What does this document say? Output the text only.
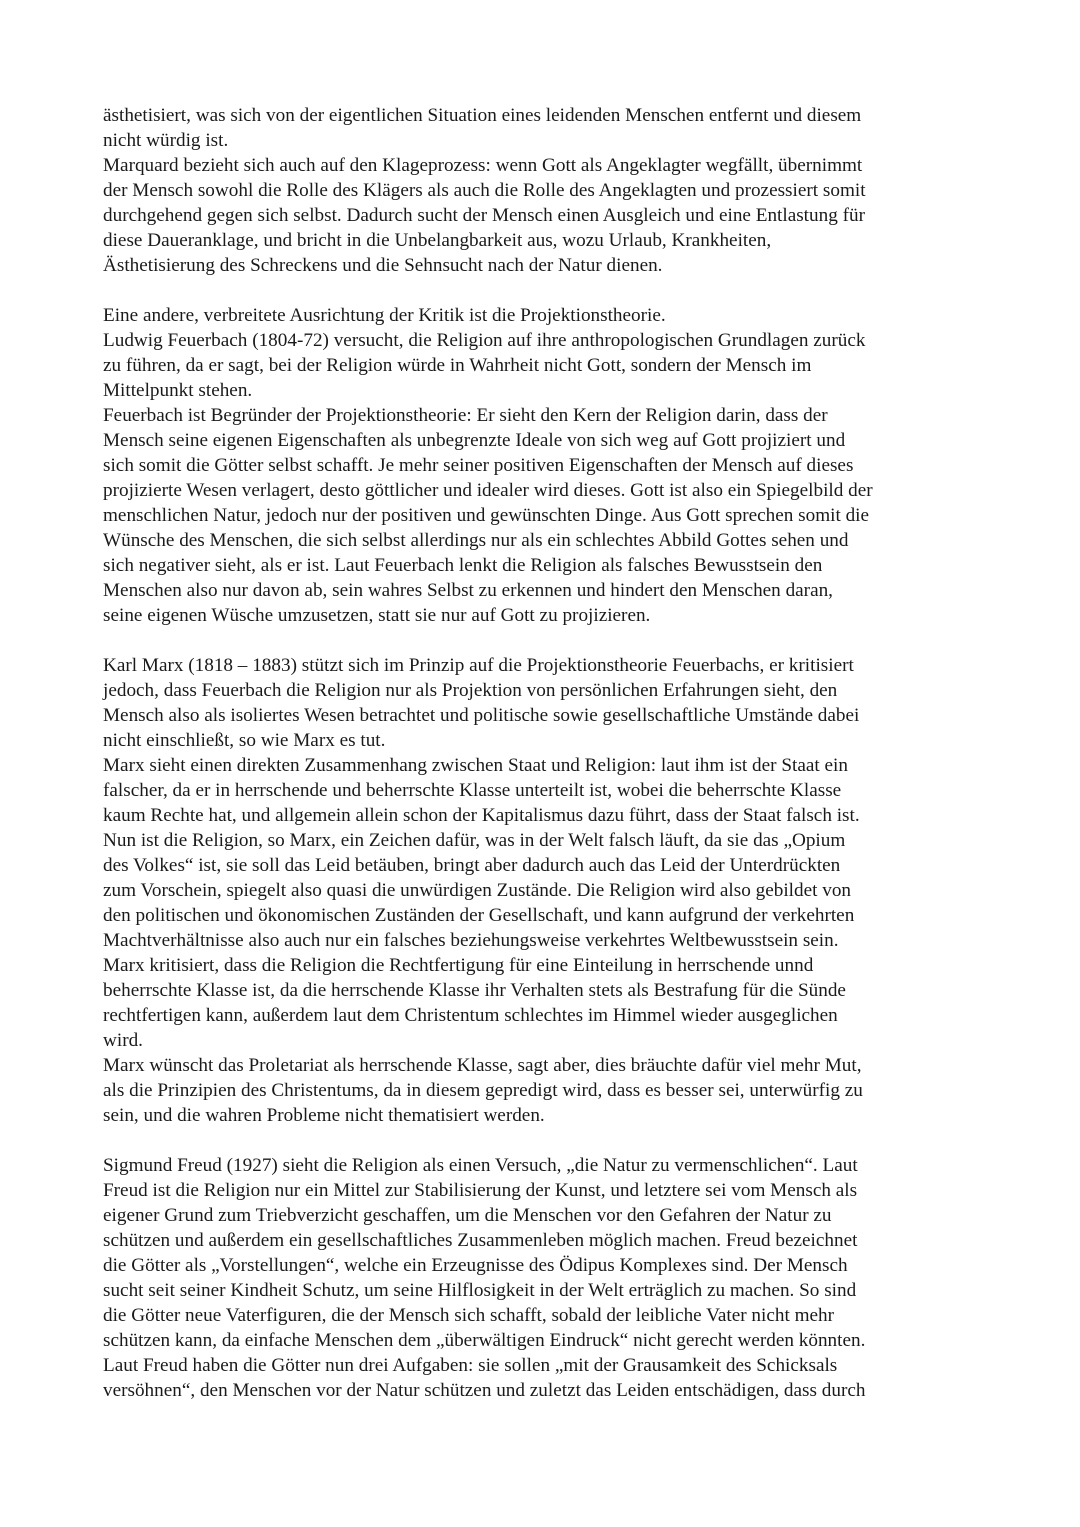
ästhetisiert, was sich von der eigentlichen Situation eines leidenden Menschen entfernt und diesem
nicht würdig ist.
Marquard bezieht sich auch auf den Klageprozess: wenn Gott als Angeklagter wegfällt, übernimmt
der Mensch sowohl die Rolle des Klägers als auch die Rolle des Angeklagten und prozessiert somit
durchgehend gegen sich selbst. Dadurch sucht der Mensch einen Ausgleich und eine Entlastung für
diese Daueranklage, und bricht in die Unbelangbarkeit aus, wozu Urlaub, Krankheiten,
Ästhetisierung des Schreckens und die Sehnsucht nach der Natur dienen.
Eine andere, verbreitete Ausrichtung der Kritik ist die Projektionstheorie.
Ludwig Feuerbach (1804-72) versucht, die Religion auf ihre anthropologischen Grundlagen zurück
zu führen, da er sagt, bei der Religion würde in Wahrheit nicht Gott, sondern der Mensch im
Mittelpunkt stehen.
Feuerbach ist Begründer der Projektionstheorie: Er sieht den Kern der Religion darin, dass der
Mensch seine eigenen Eigenschaften als unbegrenzte Ideale von sich weg auf Gott projiziert und
sich somit die Götter selbst schafft. Je mehr seiner positiven Eigenschaften der Mensch auf dieses
projizierte Wesen verlagert, desto göttlicher und idealer wird dieses. Gott ist also ein Spiegelbild der
menschlichen Natur, jedoch nur der positiven und gewünschten Dinge. Aus Gott sprechen somit die
Wünsche des Menschen, die sich selbst allerdings nur als ein schlechtes Abbild Gottes sehen und
sich negativer sieht, als er ist. Laut Feuerbach lenkt die Religion als falsches Bewusstsein den
Menschen also nur davon ab, sein wahres Selbst zu erkennen und hindert den Menschen daran,
seine eigenen Wüsche umzusetzen, statt sie nur auf Gott zu projizieren.
Karl Marx (1818 – 1883) stützt sich im Prinzip auf die Projektionstheorie Feuerbachs, er kritisiert
jedoch, dass Feuerbach die Religion nur als Projektion von persönlichen Erfahrungen sieht, den
Mensch also als isoliertes Wesen betrachtet und politische sowie gesellschaftliche Umstände dabei
nicht einschließt, so wie Marx es tut.
Marx sieht einen direkten Zusammenhang zwischen Staat und Religion: laut ihm ist der Staat ein
falscher, da er in herrschende und beherrschte Klasse unterteilt ist, wobei die beherrschte Klasse
kaum Rechte hat, und allgemein allein schon der Kapitalismus dazu führt, dass der Staat falsch ist.
Nun ist die Religion, so Marx, ein Zeichen dafür, was in der Welt falsch läuft, da sie das „Opium
des Volkes“ ist, sie soll das Leid betäuben, bringt aber dadurch auch das Leid der Unterdrückten
zum Vorschein, spiegelt also quasi die unwürdigen Zustände. Die Religion wird also gebildet von
den politischen und ökonomischen Zuständen der Gesellschaft, und kann aufgrund der verkehrten
Machtverhältnisse also auch nur ein falsches beziehungsweise verkehrtes Weltbewusstsein sein.
Marx kritisiert, dass die Religion die Rechtfertigung für eine Einteilung in herrschende unnd
beherrschte Klasse ist, da die herrschende Klasse ihr Verhalten stets als Bestrafung für die Sünde
rechtfertigen kann, außerdem laut dem Christentum schlechtes im Himmel wieder ausgeglichen
wird.
Marx wünscht das Proletariat als herrschende Klasse, sagt aber, dies bräuchte dafür viel mehr Mut,
als die Prinzipien des Christentums, da in diesem gepredigt wird, dass es besser sei, unterwürfig zu
sein, und die wahren Probleme nicht thematisiert werden.
Sigmund Freud (1927) sieht die Religion als einen Versuch, „die Natur zu vermenschlichen“. Laut
Freud ist die Religion nur ein Mittel zur Stabilisierung der Kunst, und letztere sei vom Mensch als
eigener Grund zum Triebverzicht geschaffen, um die Menschen vor den Gefahren der Natur zu
schützen und außerdem ein gesellschaftliches Zusammenleben möglich machen. Freud bezeichnet
die Götter als „Vorstellungen“, welche ein Erzeugnisse des Ödipus Komplexes sind. Der Mensch
sucht seit seiner Kindheit Schutz, um seine Hilflosigkeit in der Welt erträglich zu machen. So sind
die Götter neue Vaterfiguren, die der Mensch sich schafft, sobald der leibliche Vater nicht mehr
schützen kann, da einfache Menschen dem „überwältigen Eindruck“ nicht gerecht werden könnten.
Laut Freud haben die Götter nun drei Aufgaben: sie sollen „mit der Grausamkeit des Schicksals
versöhnen“, den Menschen vor der Natur schützen und zuletzt das Leiden entschädigen, dass durch
